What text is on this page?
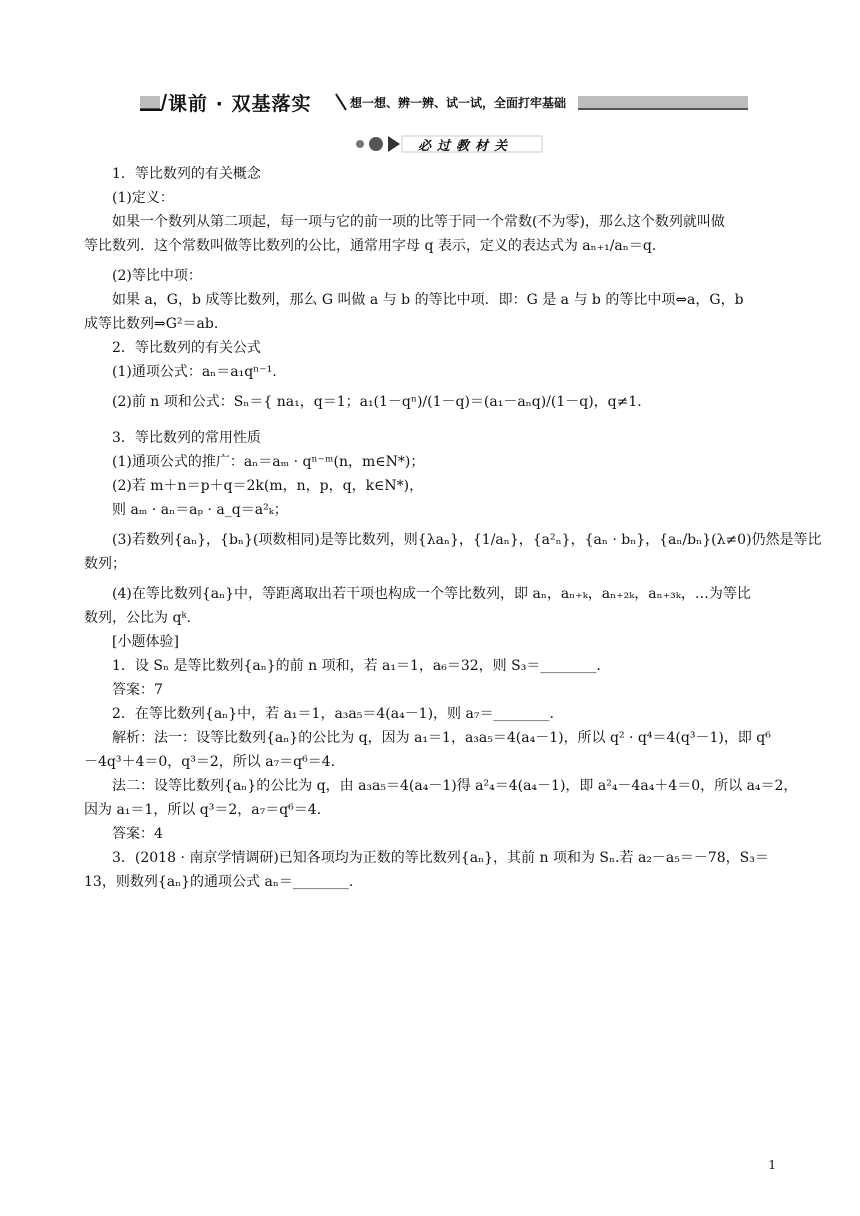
课前 · 双基落实	想一想、辨一辨、试一试，全面打牢基础
必过教材关

1．等比数列的有关概念

(1)定义：

如果一个数列从第二项起，每一项与它的前一项的比等于同一个常数(不为零)，那么这个数列就叫做

等比数列．这个常数叫做等比数列的公比，通常用字母 q 表示，定义的表达式为 aₙ₊₁/aₙ＝q.

(2)等比中项：

如果 a，G，b 成等比数列，那么 G 叫做 a 与 b 的等比中项．即：G 是 a 与 b 的等比中项⇔a，G，b

成等比数列⇒G²＝ab.

2．等比数列的有关公式

(1)通项公式：aₙ＝a₁qⁿ⁻¹.

(2)前 n 项和公式：Sₙ＝{ na₁，q＝1；a₁(1－qⁿ)/(1－q)＝(a₁－aₙq)/(1－q)，q≠1.

3．等比数列的常用性质

(1)通项公式的推广：aₙ＝aₘ · qⁿ⁻ᵐ(n，m∈N*)；

(2)若 m＋n＝p＋q＝2k(m，n，p，q，k∈N*)，

则 aₘ · aₙ＝aₚ · a_q＝a²ₖ；

(3)若数列{aₙ}，{bₙ}(项数相同)是等比数列，则{λaₙ}，{1/aₙ}，{a²ₙ}，{aₙ · bₙ}，{aₙ/bₙ}(λ≠0)仍然是等比

数列；

(4)在等比数列{aₙ}中，等距离取出若干项也构成一个等比数列，即 aₙ，aₙ₊ₖ，aₙ₊₂ₖ，aₙ₊₃ₖ，…为等比

数列，公比为 qᵏ.

[小题体验]

1．设 Sₙ 是等比数列{aₙ}的前 n 项和，若 a₁＝1，a₆＝32，则 S₃＝________.

答案：7

2．在等比数列{aₙ}中，若 a₁＝1，a₃a₅＝4(a₄－1)，则 a₇＝________.

解析：法一：设等比数列{aₙ}的公比为 q，因为 a₁＝1，a₃a₅＝4(a₄－1)，所以 q² · q⁴＝4(q³－1)，即 q⁶

－4q³＋4＝0，q³＝2，所以 a₇＝q⁶＝4.

法二：设等比数列{aₙ}的公比为 q，由 a₃a₅＝4(a₄－1)得 a²₄＝4(a₄－1)，即 a²₄－4a₄＋4＝0，所以 a₄＝2，

因为 a₁＝1，所以 q³＝2，a₇＝q⁶＝4.

答案：4

3．(2018 · 南京学情调研)已知各项均为正数的等比数列{aₙ}，其前 n 项和为 Sₙ.若 a₂－a₅＝－78，S₃＝

13，则数列{aₙ}的通项公式 aₙ＝________.

1
